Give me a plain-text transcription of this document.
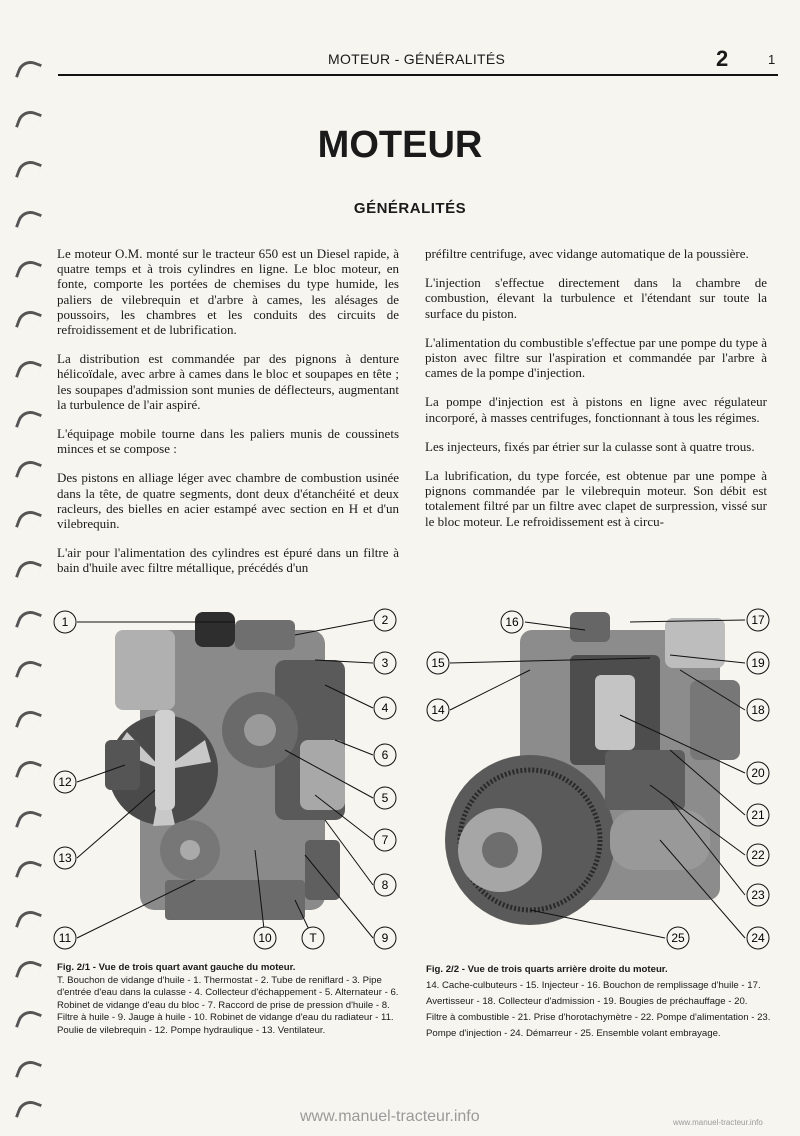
MOTEUR - GÉNÉRALITÉS	2	1
MOTEUR
GÉNÉRALITÉS

Le moteur O.M. monté sur le tracteur 650 est un Diesel rapide, à quatre temps et à trois cylindres en ligne. Le bloc moteur, en fonte, comporte les portées de chemises du type humide, les paliers de vilebrequin et d'arbre à cames, les alésages de poussoirs, les chambres et les conduits des circuits de refroidissement et de lubrification.

La distribution est commandée par des pignons à denture hélicoïdale, avec arbre à cames dans le bloc et soupapes en tête ; les soupapes d'admission sont munies de déflecteurs, augmentant la turbulence de l'air aspiré.

L'équipage mobile tourne dans les paliers munis de coussinets minces et se compose :

Des pistons en alliage léger avec chambre de combustion usinée dans la tête, de quatre segments, dont deux d'étanchéité et deux racleurs, des bielles en acier estampé avec section en H et d'un vilebrequin.

L'air pour l'alimentation des cylindres est épuré dans un filtre à bain d'huile avec filtre métallique, précédés d'un

préfiltre centrifuge, avec vidange automatique de la poussière.

L'injection s'effectue directement dans la chambre de combustion, élevant la turbulence et l'étendant sur toute la surface du piston.

L'alimentation du combustible s'effectue par une pompe du type à piston avec filtre sur l'aspiration et commandée par l'arbre à cames de la pompe d'injection.

La pompe d'injection est à pistons en ligne avec régulateur incorporé, à masses centrifuges, fonctionnant à tous les régimes.

Les injecteurs, fixés par étrier sur la culasse sont à quatre trous.

La lubrification, du type forcée, est obtenue par une pompe à pignons commandée par le vilebrequin moteur. Son débit est totalement filtré par un filtre avec clapet de surpression, vissé sur le bloc moteur. Le refroidissement est à circu-

1	2
3
4
6
5
7
8
9
T
10
11
12
13
16	17
15	19
14	18
20
21
22
23
24
25
Fig. 2/1 - Vue de trois quart avant gauche du moteur.
T. Bouchon de vidange d'huile - 1. Thermostat - 2. Tube de reniflard - 3. Pipe d'entrée d'eau dans la culasse - 4. Collecteur d'échappement - 5. Alternateur - 6. Robinet de vidange d'eau du bloc - 7. Raccord de prise de pression d'huile - 8. Filtre à huile - 9. Jauge à huile - 10. Robinet de vidange d'eau du radiateur - 11. Poulie de vilebrequin - 12. Pompe hydraulique - 13. Ventilateur.
Fig. 2/2 - Vue de trois quarts arrière droite du moteur.
14. Cache-culbuteurs - 15. Injecteur - 16. Bouchon de remplissage d'huile - 17. Avertisseur - 18. Collecteur d'admission - 19. Bougies de préchauffage - 20. Filtre à combustible - 21. Prise d'horotachymètre - 22. Pompe d'alimentation - 23. Pompe d'injection - 24. Démarreur - 25. Ensemble volant embrayage.
www.manuel-tracteur.info	www.manuel-tracteur.info
